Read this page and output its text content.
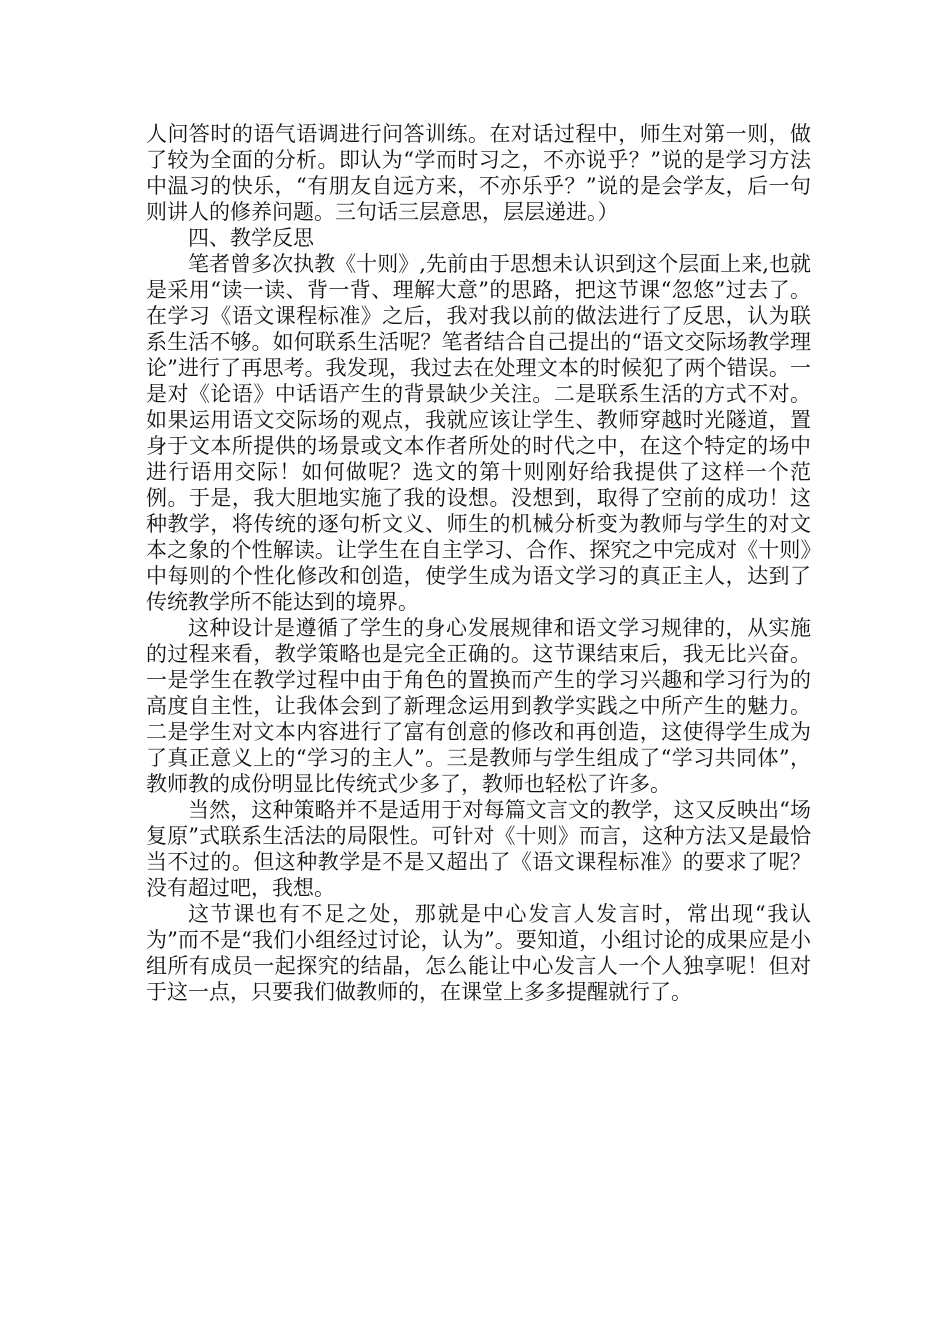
人问答时的语气语调进行问答训练。在对话过程中，师生对第一则，做了较为全面的分析。即认为“学而时习之，不亦说乎？”说的是学习方法中温习的快乐，“有朋友自远方来，不亦乐乎？”说的是会学友，后一句则讲人的修养问题。三句话三层意思，层层递进。）

四、教学反思

笔者曾多次执教《十则》,先前由于思想未认识到这个层面上来,也就是采用“读一读、背一背、理解大意”的思路，把这节课“忽悠”过去了。在学习《语文课程标准》之后，我对我以前的做法进行了反思，认为联系生活不够。如何联系生活呢？笔者结合自己提出的“语文交际场教学理论”进行了再思考。我发现，我过去在处理文本的时候犯了两个错误。一是对《论语》中话语产生的背景缺少关注。二是联系生活的方式不对。如果运用语文交际场的观点，我就应该让学生、教师穿越时光隧道，置身于文本所提供的场景或文本作者所处的时代之中，在这个特定的场中进行语用交际！如何做呢？选文的第十则刚好给我提供了这样一个范例。于是，我大胆地实施了我的设想。没想到，取得了空前的成功！这种教学，将传统的逐句析文义、师生的机械分析变为教师与学生的对文本之象的个性解读。让学生在自主学习、合作、探究之中完成对《十则》中每则的个性化修改和创造，使学生成为语文学习的真正主人，达到了传统教学所不能达到的境界。

这种设计是遵循了学生的身心发展规律和语文学习规律的，从实施的过程来看，教学策略也是完全正确的。这节课结束后，我无比兴奋。一是学生在教学过程中由于角色的置换而产生的学习兴趣和学习行为的高度自主性，让我体会到了新理念运用到教学实践之中所产生的魅力。二是学生对文本内容进行了富有创意的修改和再创造，这使得学生成为了真正意义上的“学习的主人”。三是教师与学生组成了“学习共同体”，教师教的成份明显比传统式少多了，教师也轻松了许多。

当然，这种策略并不是适用于对每篇文言文的教学，这又反映出“场复原”式联系生活法的局限性。可针对《十则》而言，这种方法又是最恰当不过的。但这种教学是不是又超出了《语文课程标准》的要求了呢？没有超过吧，我想。

这节课也有不足之处，那就是中心发言人发言时，常出现“我认为”而不是“我们小组经过讨论，认为”。要知道，小组讨论的成果应是小组所有成员一起探究的结晶，怎么能让中心发言人一个人独享呢！但对于这一点，只要我们做教师的，在课堂上多多提醒就行了。
